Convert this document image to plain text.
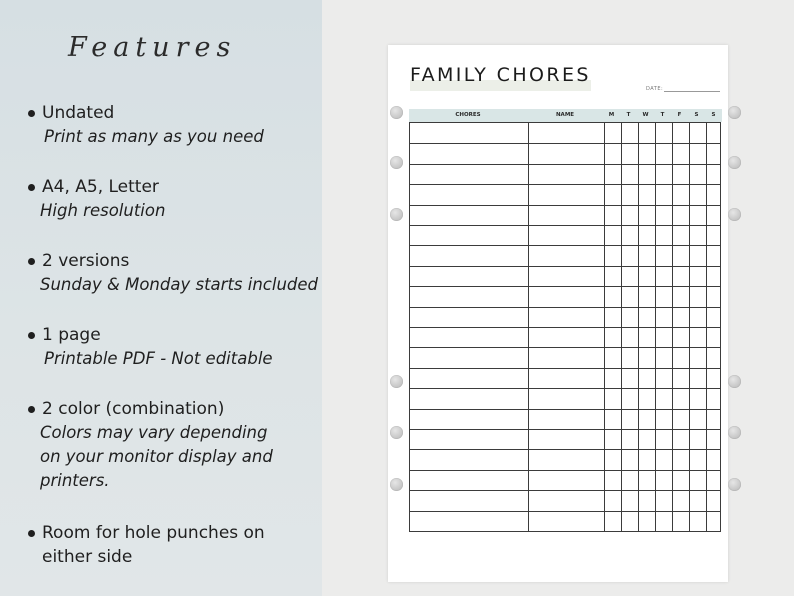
Features
Undated
Print as many as you need
A4, A5, Letter
High resolution
2 versions
Sunday & Monday starts included
1 page
Printable PDF - Not editable
2 color (combination)
Colors may vary depending
on your monitor display and
printers.
Room for hole punches on
either side
FAMILY CHORES
DATE:
CHORES	NAME	M	T	W	T	F	S	S
